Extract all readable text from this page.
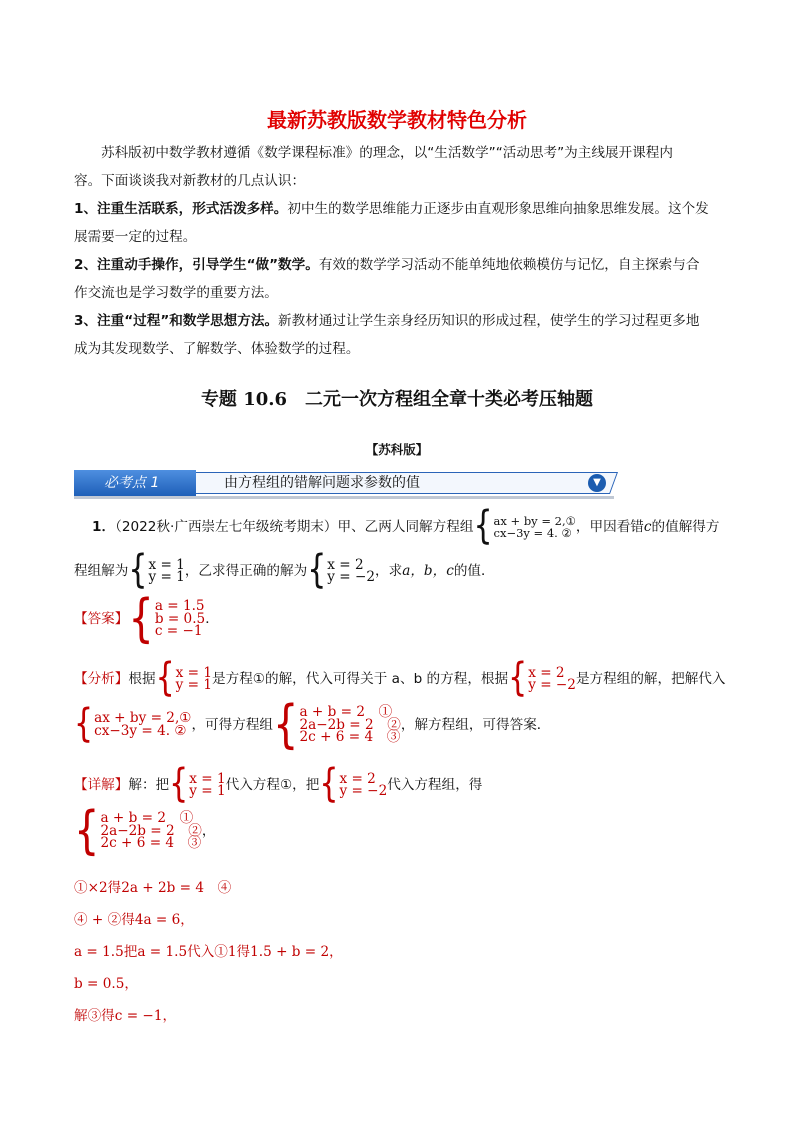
最新苏教版数学教材特色分析
苏科版初中数学教材遵循《数学课程标准》的理念，以“生活数学”“活动思考”为主线展开课程内
容。下面谈谈我对新教材的几点认识：
1、注重生活联系，形式活泼多样。初中生的数学思维能力正逐步由直观形象思维向抽象思维发展。这个发
展需要一定的过程。
2、注重动手操作，引导学生“做”数学。有效的数学学习活动不能单纯地依赖模仿与记忆，自主探索与合
作交流也是学习数学的重要方法。
3、注重“过程”和数学思想方法。新教材通过让学生亲身经历知识的形成过程，使学生的学习过程更多地
成为其发现数学、了解数学、体验数学的过程。
专题 10.6　二元一次方程组全章十类必考压轴题
【苏科版】
必考点 1	由方程组的错解问题求参数的值	▼
1．（2022秋·广西崇左七年级统考期末）甲、乙两人同解方程组 { ax + by = 2,①
cx−3y = 4. ② ，甲因看错c的值解得方
程组解为 { x = 1
y = 1 ，乙求得正确的解为 { x = 2
y = −2 ，求a，b，c的值．
【答案】 { a = 1.5
b = 0.5
c = −1
．
【分析】根据 { x = 1
y = 1 是方程①的解，代入可得关于 a、b 的方程，根据 { x = 2
y = −2 是方程组的解，把解代入
{ ax + by = 2,①
cx−3y = 4. ② ，可得方程组 { a + b = 2　①
2a−2b = 2　②
2c + 6 = 4　③
，解方程组，可得答案．
【详解】解：把 { x = 1
y = 1 代入方程①，把 { x = 2
y = −2 代入方程组，得
{ a + b = 2　①
2a−2b = 2　②
2c + 6 = 4　③
，
①×2得2a + 2b = 4　④
④ + ②得4a = 6，
a = 1.5把a = 1.5代入①1得1.5 + b = 2，
b = 0.5，
解③得c = −1，
